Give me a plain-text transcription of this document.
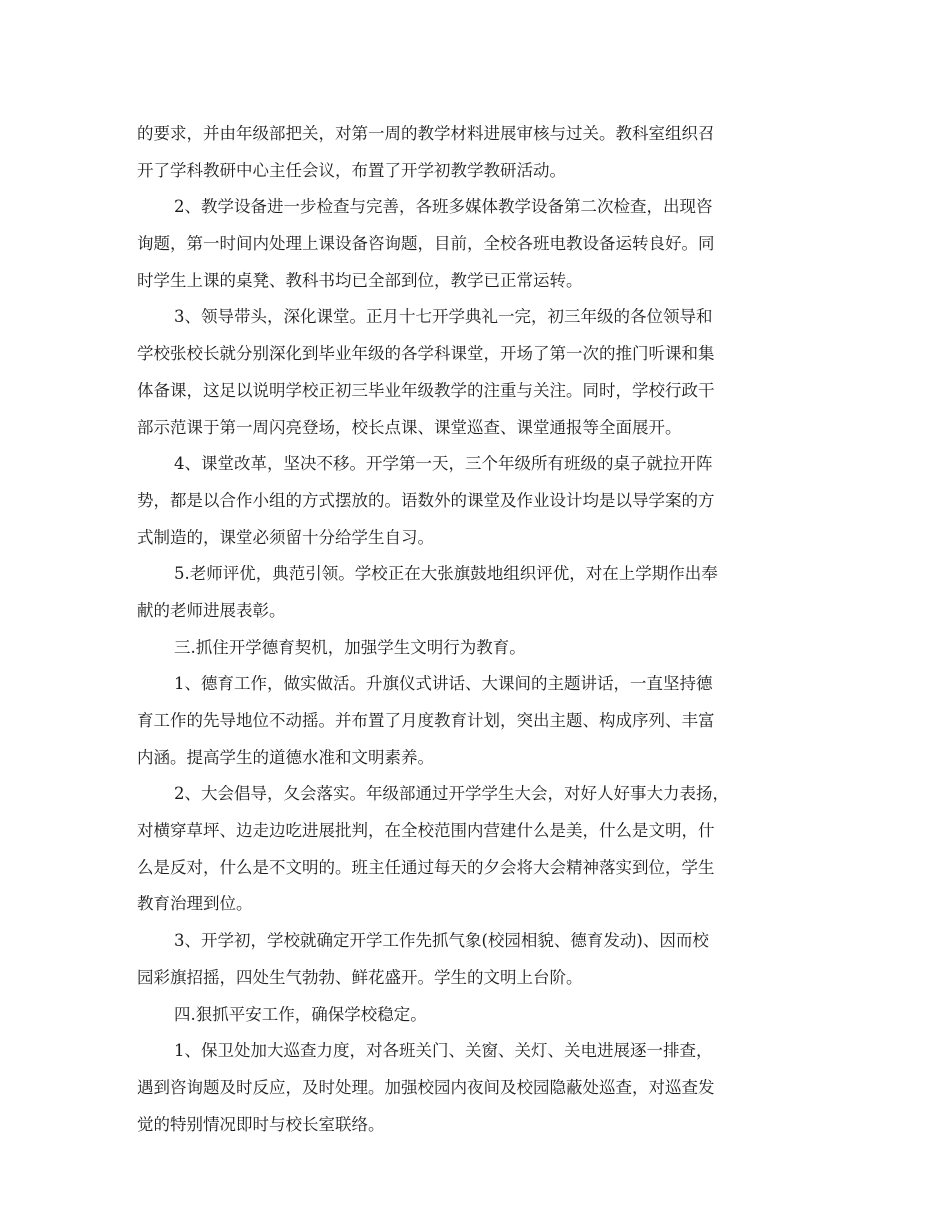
的要求，并由年级部把关，对第一周的教学材料进展审核与过关。教科室组织召

开了学科教研中心主任会议，布置了开学初教学教研活动。

2、教学设备进一步检查与完善，各班多媒体教学设备第二次检查，出现咨

询题，第一时间内处理上课设备咨询题，目前，全校各班电教设备运转良好。同

时学生上课的桌凳、教科书均已全部到位，教学已正常运转。

3、领导带头，深化课堂。正月十七开学典礼一完，初三年级的各位领导和

学校张校长就分别深化到毕业年级的各学科课堂，开场了第一次的推门听课和集

体备课，这足以说明学校正初三毕业年级教学的注重与关注。同时，学校行政干

部示范课于第一周闪亮登场，校长点课、课堂巡查、课堂通报等全面展开。

4、课堂改革，坚决不移。开学第一天，三个年级所有班级的桌子就拉开阵

势，都是以合作小组的方式摆放的。语数外的课堂及作业设计均是以导学案的方

式制造的，课堂必须留十分给学生自习。

5.老师评优，典范引领。学校正在大张旗鼓地组织评优，对在上学期作出奉

献的老师进展表彰。

三.抓住开学德育契机，加强学生文明行为教育。

1、德育工作，做实做活。升旗仪式讲话、大课间的主题讲话，一直坚持德

育工作的先导地位不动摇。并布置了月度教育计划，突出主题、构成序列、丰富

内涵。提高学生的道德水准和文明素养。

2、大会倡导，夂会落实。年级部通过开学学生大会，对好人好事大力表扬，

对横穿草坪、边走边吃进展批判，在全校范围内营建什么是美，什么是文明，什

么是反对，什么是不文明的。班主任通过每天的夕会将大会精神落实到位，学生

教育治理到位。

3、开学初，学校就确定开学工作先抓气象(校园相貌、德育发动)、因而校

园彩旗招摇，四处生气勃勃、鲜花盛开。学生的文明上台阶。

四.狠抓平安工作，确保学校稳定。

1、保卫处加大巡查力度，对各班关门、关窗、关灯、关电进展逐一排查，

遇到咨询题及时反应，及时处理。加强校园内夜间及校园隐蔽处巡查，对巡查发

觉的特别情况即时与校长室联络。
